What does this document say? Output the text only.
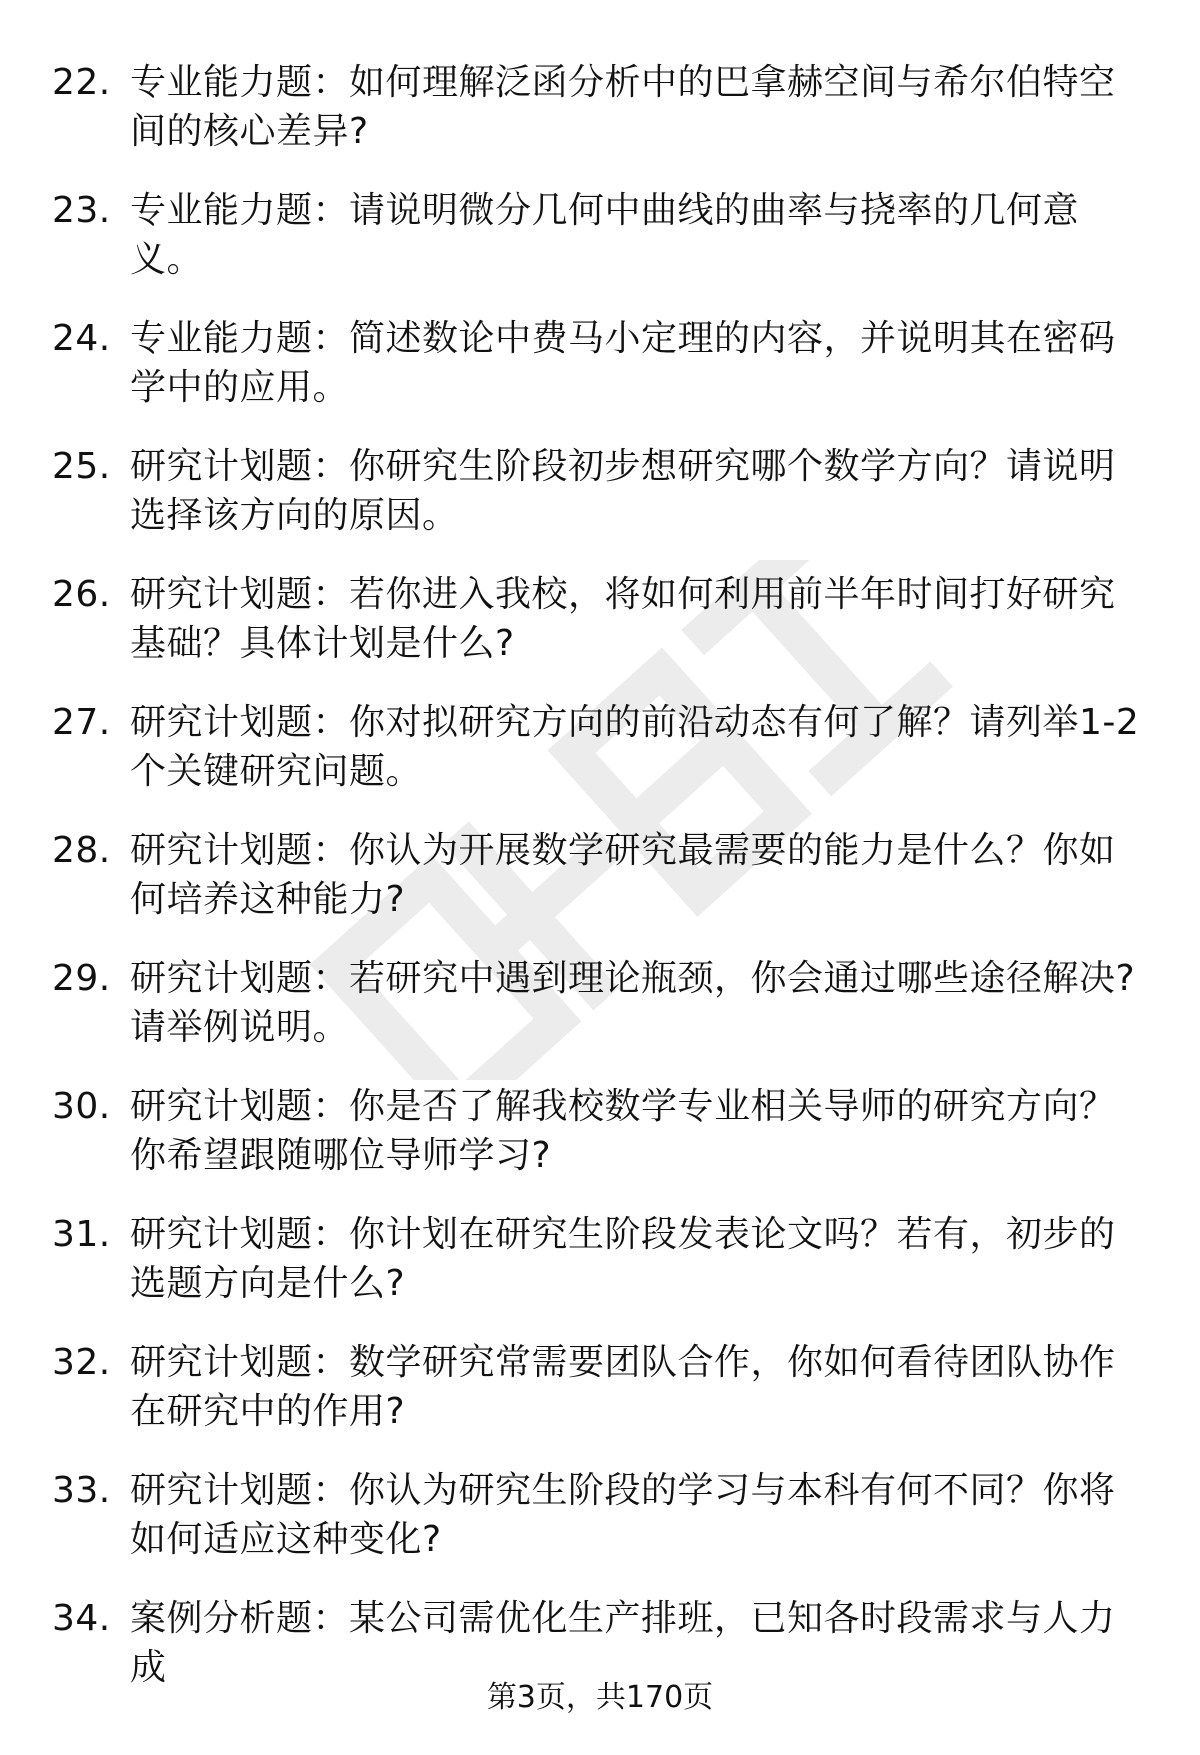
22. 专业能力题：如何理解泛函分析中的巴拿赫空间与希尔伯特空间的核心差异?
23. 专业能力题：请说明微分几何中曲线的曲率与挠率的几何意义。
24. 专业能力题：简述数论中费马小定理的内容，并说明其在密码学中的应用。
25. 研究计划题：你研究生阶段初步想研究哪个数学方向？请说明选择该方向的原因。
26. 研究计划题：若你进入我校，将如何利用前半年时间打好研究基础？具体计划是什么?
27. 研究计划题：你对拟研究方向的前沿动态有何了解？请列举1-2个关键研究问题。
28. 研究计划题：你认为开展数学研究最需要的能力是什么？你如何培养这种能力?
29. 研究计划题：若研究中遇到理论瓶颈，你会通过哪些途径解决?请举例说明。
30. 研究计划题：你是否了解我校数学专业相关导师的研究方向？你希望跟随哪位导师学习?
31. 研究计划题：你计划在研究生阶段发表论文吗？若有，初步的选题方向是什么?
32. 研究计划题：数学研究常需要团队合作，你如何看待团队协作在研究中的作用?
33. 研究计划题：你认为研究生阶段的学习与本科有何不同？你将如何适应这种变化?
34. 案例分析题：某公司需优化生产排班，已知各时段需求与人力成
第3页，共170页
